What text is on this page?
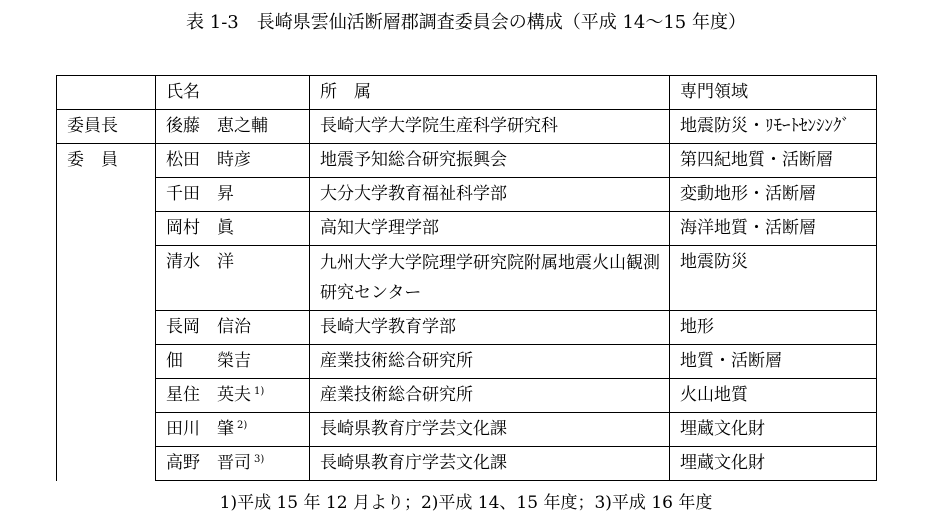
表 1-3　長崎県雲仙活断層郡調査委員会の構成（平成 14～15 年度）
	氏名	所　属	専門領域
委員長	後藤　恵之輔	長崎大学大学院生産科学研究科	地震防災・ﾘﾓｰﾄｾﾝｼﾝｸﾞ
委　員	松田　時彦	地震予知総合研究振興会	第四紀地質・活断層
	千田　昇	大分大学教育福祉科学部	変動地形・活断層
	岡村　眞	高知大学理学部	海洋地質・活断層
	清水　洋	九州大学大学院理学研究院附属地震火山観測研究センター	地震防災
	長岡　信治	長崎大学教育学部	地形
	佃　　榮吉	産業技術総合研究所	地質・活断層
	星住　英夫 $^{1)}$	産業技術総合研究所	火山地質
	田川　肇 $^{2)}$	長崎県教育庁学芸文化課	埋蔵文化財
	高野　晋司 $^{3)}$	長崎県教育庁学芸文化課	埋蔵文化財
1)平成 15 年 12 月より；2)平成 14、15 年度；3)平成 16 年度
